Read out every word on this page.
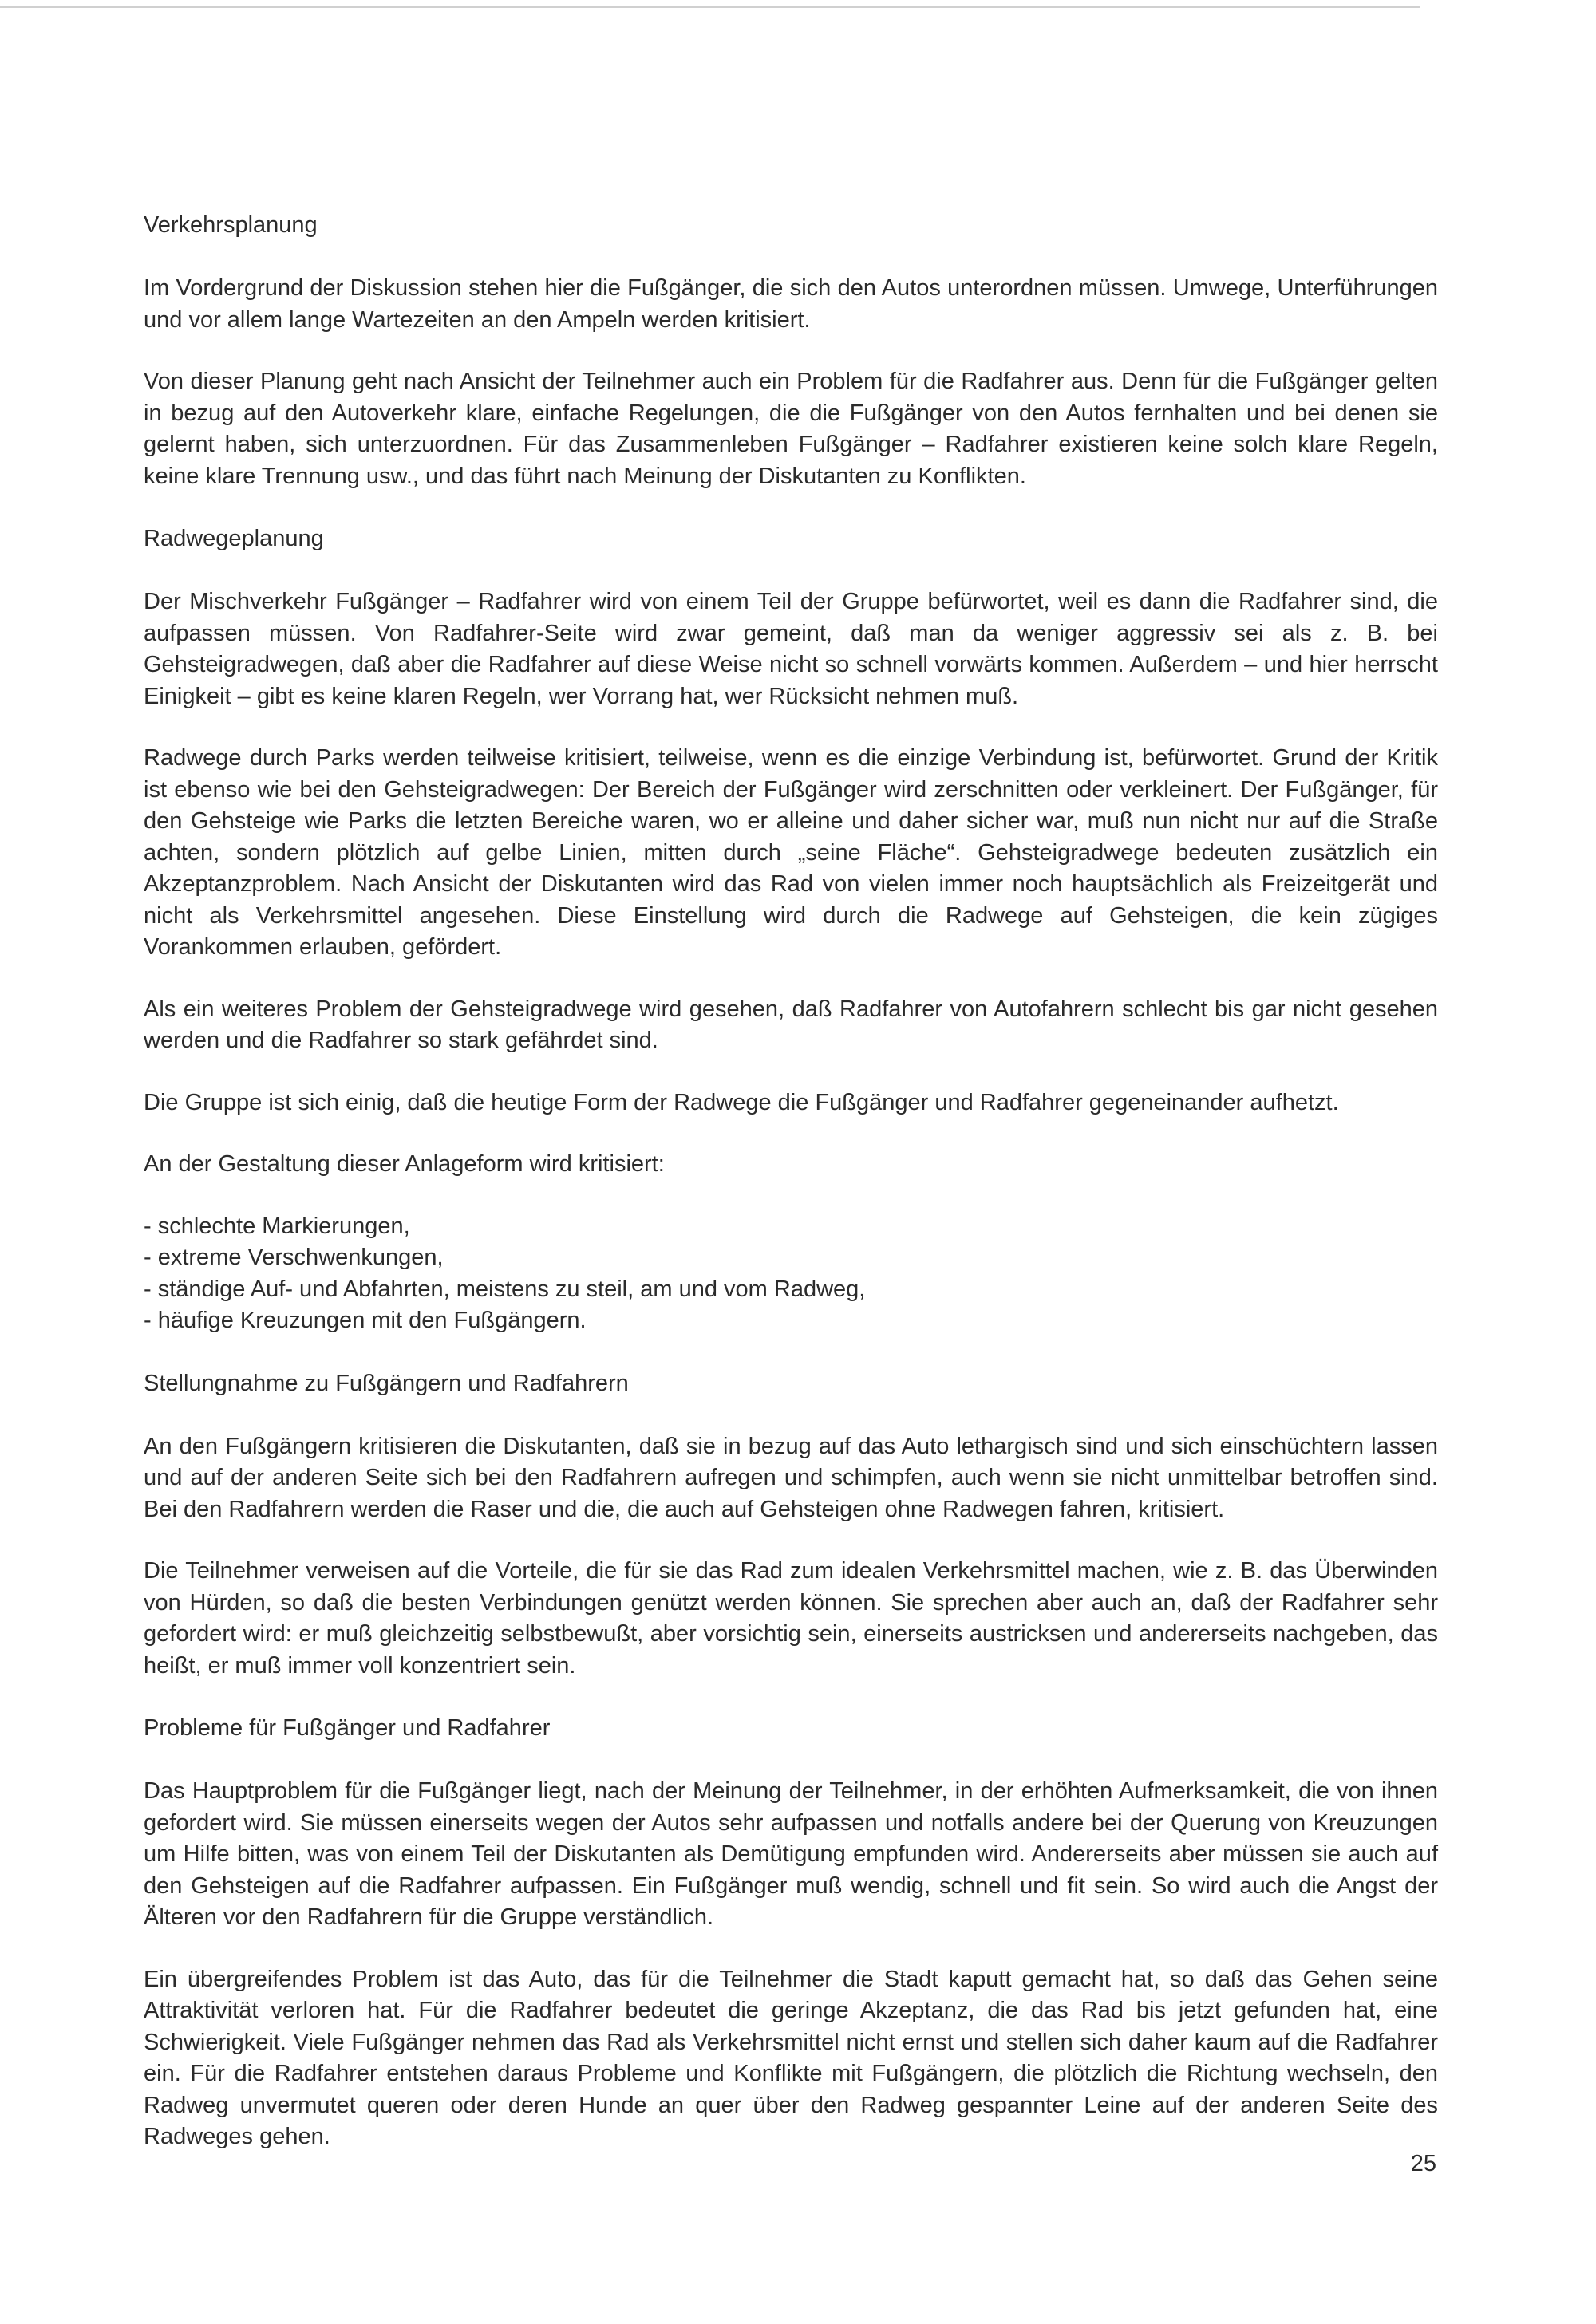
Verkehrsplanung

Im Vordergrund der Diskussion stehen hier die Fußgänger, die sich den Autos unterordnen müssen. Umwege, Unterführungen und vor allem lange Wartezeiten an den Ampeln werden kritisiert.

Von dieser Planung geht nach Ansicht der Teilnehmer auch ein Problem für die Radfahrer aus. Denn für die Fußgänger gelten in bezug auf den Autoverkehr klare, einfache Regelungen, die die Fußgänger von den Autos fernhalten und bei denen sie gelernt haben, sich unterzuordnen. Für das Zusammenleben Fußgänger – Radfahrer existieren keine solch klare Regeln, keine klare Trennung usw., und das führt nach Meinung der Diskutanten zu Konflikten.

Radwegeplanung

Der Mischverkehr Fußgänger – Radfahrer wird von einem Teil der Gruppe befürwortet, weil es dann die Radfahrer sind, die aufpassen müssen. Von Radfahrer-Seite wird zwar gemeint, daß man da weniger aggressiv sei als z. B. bei Gehsteigradwegen, daß aber die Radfahrer auf diese Weise nicht so schnell vorwärts kommen. Außerdem – und hier herrscht Einigkeit – gibt es keine klaren Regeln, wer Vorrang hat, wer Rücksicht nehmen muß.

Radwege durch Parks werden teilweise kritisiert, teilweise, wenn es die einzige Verbindung ist, befürwortet. Grund der Kritik ist ebenso wie bei den Gehsteigradwegen: Der Bereich der Fußgänger wird zerschnitten oder verkleinert. Der Fußgänger, für den Gehsteige wie Parks die letzten Bereiche waren, wo er alleine und daher sicher war, muß nun nicht nur auf die Straße achten, sondern plötzlich auf gelbe Linien, mitten durch „seine Fläche“. Gehsteigradwege bedeuten zusätzlich ein Akzeptanzproblem. Nach Ansicht der Diskutanten wird das Rad von vielen immer noch hauptsächlich als Freizeitgerät und nicht als Verkehrsmittel angesehen. Diese Einstellung wird durch die Radwege auf Gehsteigen, die kein zügiges Vorankommen erlauben, gefördert.

Als ein weiteres Problem der Gehsteigradwege wird gesehen, daß Radfahrer von Autofahrern schlecht bis gar nicht gesehen werden und die Radfahrer so stark gefährdet sind.

Die Gruppe ist sich einig, daß die heutige Form der Radwege die Fußgänger und Radfahrer gegeneinander aufhetzt.

An der Gestaltung dieser Anlageform wird kritisiert:

- schlechte Markierungen,
- extreme Verschwenkungen,
- ständige Auf- und Abfahrten, meistens zu steil, am und vom Radweg,
- häufige Kreuzungen mit den Fußgängern.
Stellungnahme zu Fußgängern und Radfahrern

An den Fußgängern kritisieren die Diskutanten, daß sie in bezug auf das Auto lethargisch sind und sich einschüchtern lassen und auf der anderen Seite sich bei den Radfahrern aufregen und schimpfen, auch wenn sie nicht unmittelbar betroffen sind. Bei den Radfahrern werden die Raser und die, die auch auf Gehsteigen ohne Radwegen fahren, kritisiert.

Die Teilnehmer verweisen auf die Vorteile, die für sie das Rad zum idealen Verkehrsmittel machen, wie z. B. das Überwinden von Hürden, so daß die besten Verbindungen genützt werden können. Sie sprechen aber auch an, daß der Radfahrer sehr gefordert wird: er muß gleichzeitig selbstbewußt, aber vorsichtig sein, einerseits austricksen und andererseits nachgeben, das heißt, er muß immer voll konzentriert sein.

Probleme für Fußgänger und Radfahrer

Das Hauptproblem für die Fußgänger liegt, nach der Meinung der Teilnehmer, in der erhöhten Aufmerksamkeit, die von ihnen gefordert wird. Sie müssen einerseits wegen der Autos sehr aufpassen und notfalls andere bei der Querung von Kreuzungen um Hilfe bitten, was von einem Teil der Diskutanten als Demütigung empfunden wird. Andererseits aber müssen sie auch auf den Gehsteigen auf die Radfahrer aufpassen. Ein Fußgänger muß wendig, schnell und fit sein. So wird auch die Angst der Älteren vor den Radfahrern für die Gruppe verständlich.

Ein übergreifendes Problem ist das Auto, das für die Teilnehmer die Stadt kaputt gemacht hat, so daß das Gehen seine Attraktivität verloren hat. Für die Radfahrer bedeutet die geringe Akzeptanz, die das Rad bis jetzt gefunden hat, eine Schwierigkeit. Viele Fußgänger nehmen das Rad als Verkehrsmittel nicht ernst und stellen sich daher kaum auf die Radfahrer ein. Für die Radfahrer entstehen daraus Probleme und Konflikte mit Fußgängern, die plötzlich die Richtung wechseln, den Radweg unvermutet queren oder deren Hunde an quer über den Radweg gespannter Leine auf der anderen Seite des Radweges gehen.

25
